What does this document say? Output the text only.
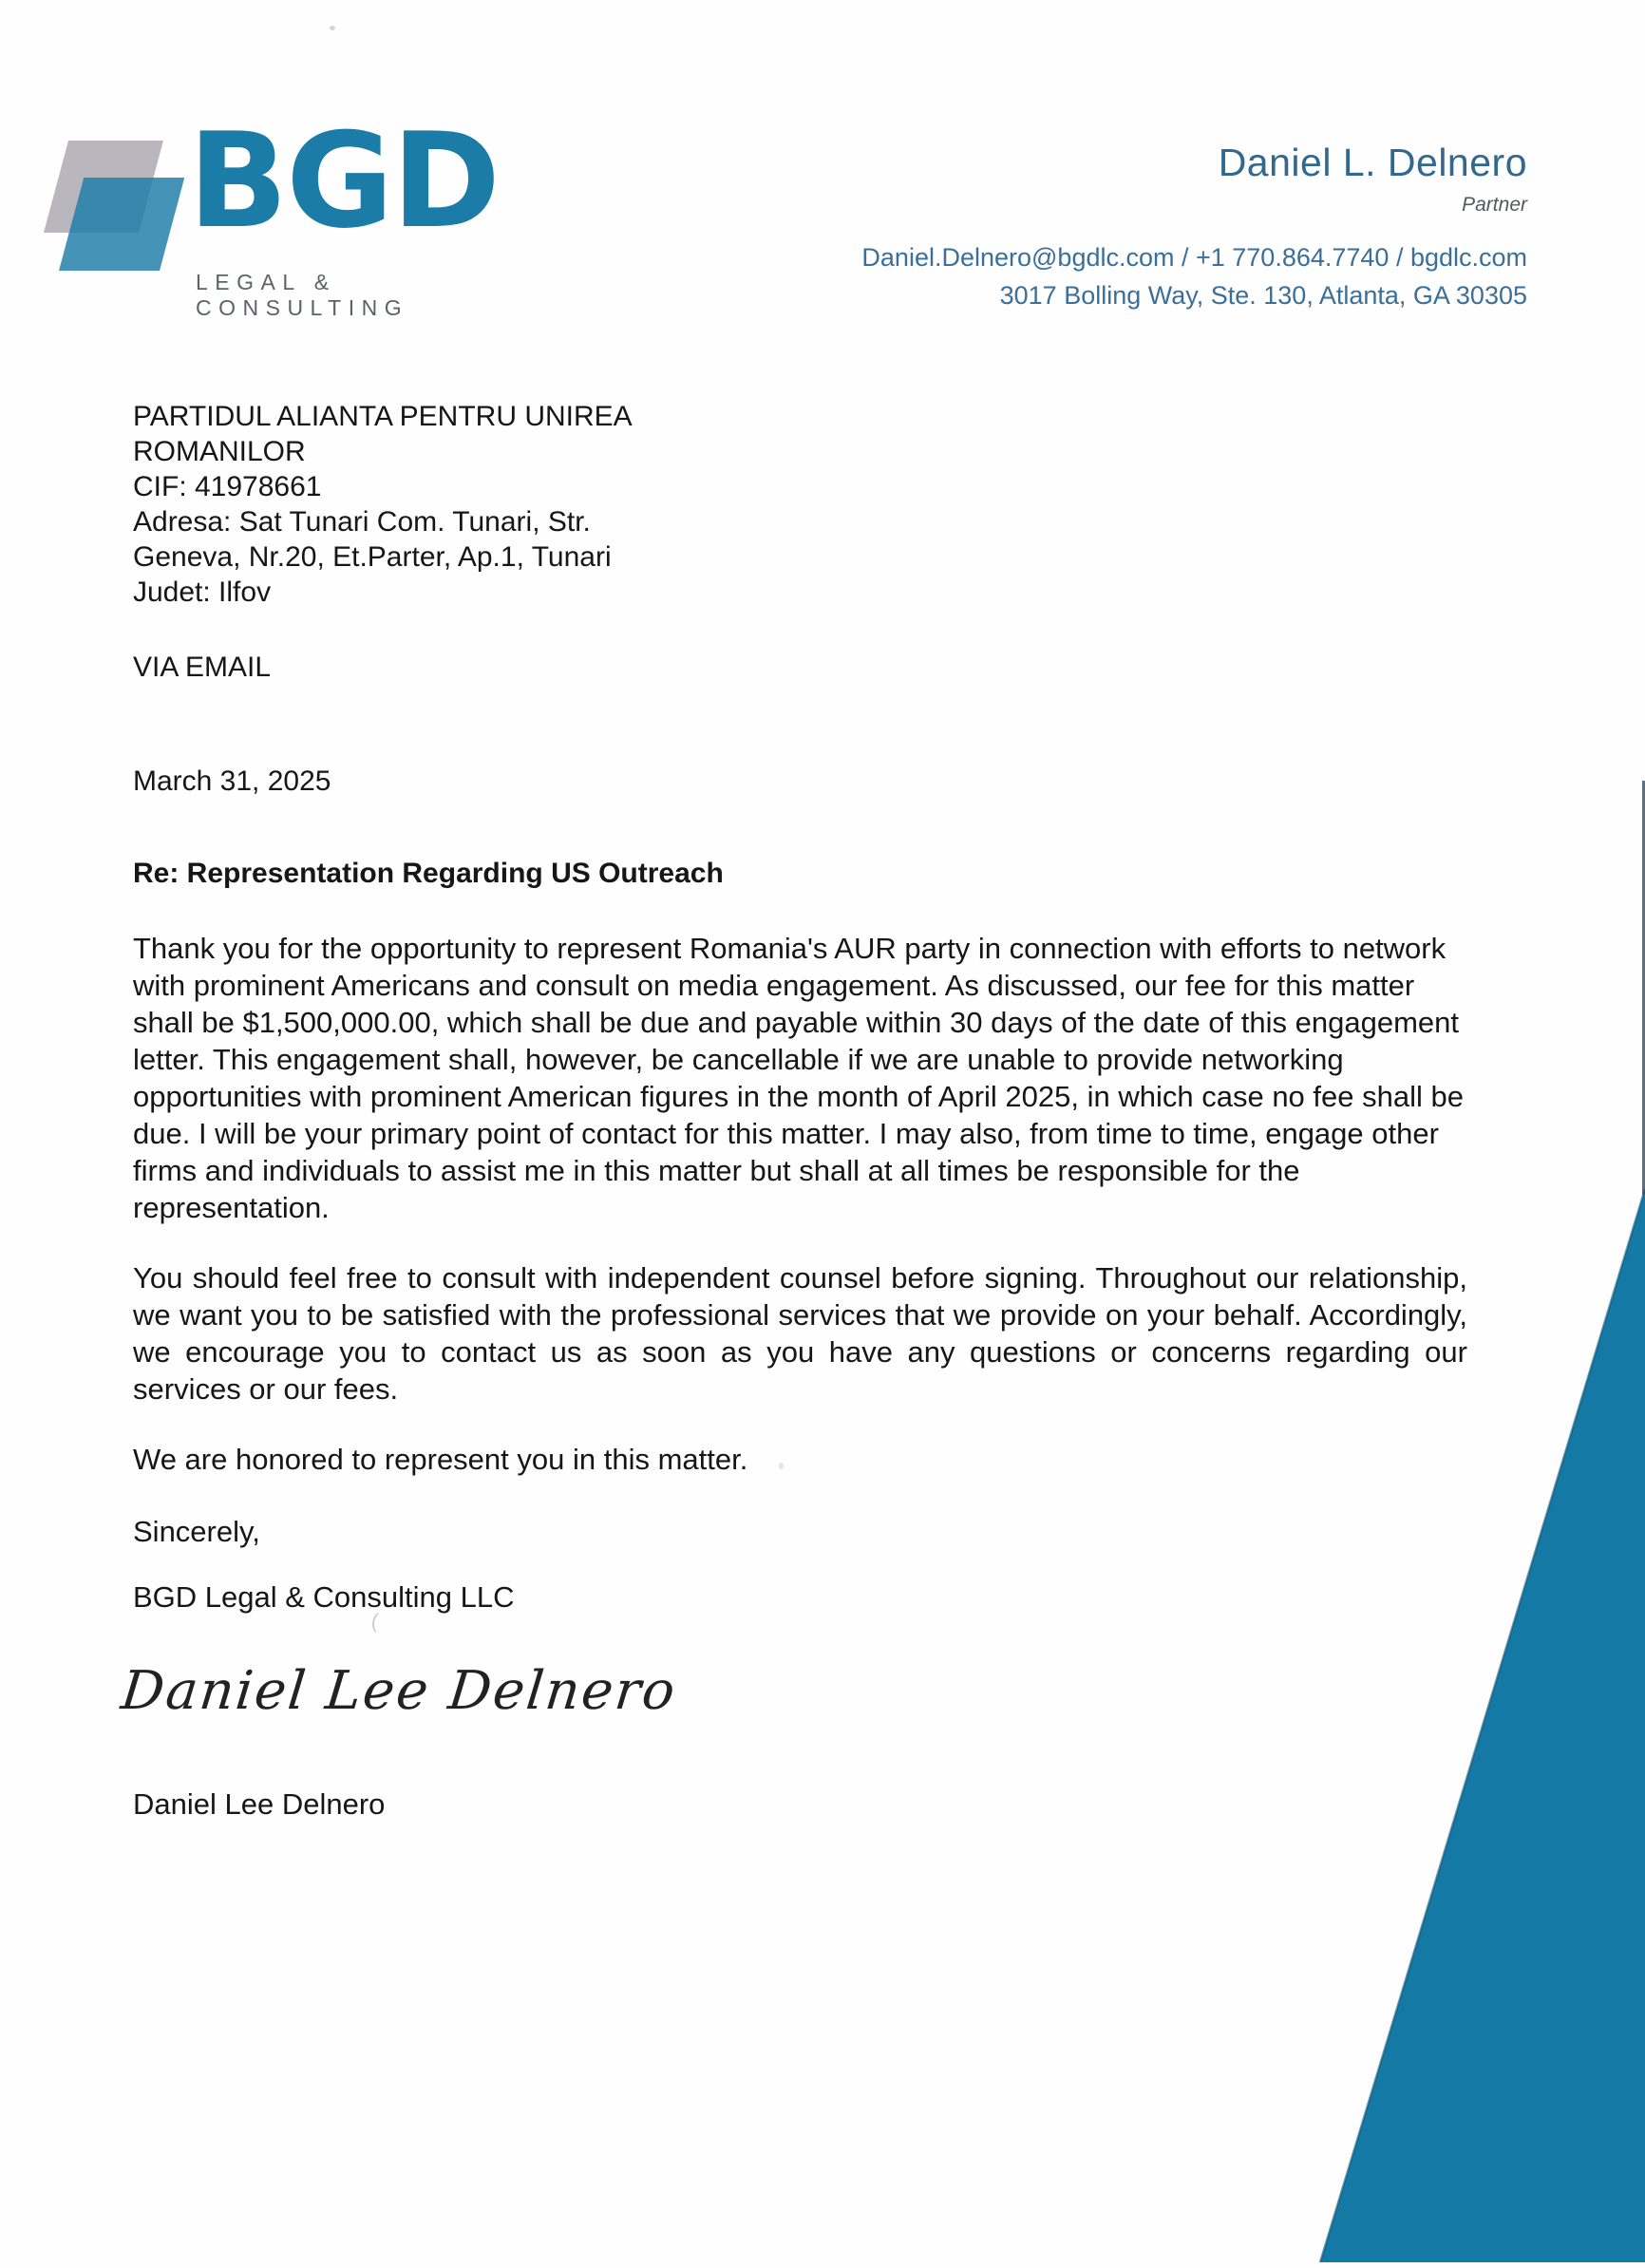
BGD
LEGAL & CONSULTING
Daniel L. Delnero
Partner
Daniel.Delnero@bgdlc.com / +1 770.864.7740 / bgdlc.com
3017 Bolling Way, Ste. 130, Atlanta, GA 30305
PARTIDUL ALIANTA PENTRU UNIREA
ROMANILOR
CIF: 41978661
Adresa: Sat Tunari Com. Tunari, Str.
Geneva, Nr.20, Et.Parter, Ap.1, Tunari
Judet: Ilfov
VIA EMAIL
March 31, 2025
Re: Representation Regarding US Outreach
Thank you for the opportunity to represent Romania's AUR party in connection with efforts to network with prominent Americans and consult on media engagement. As discussed, our fee for this matter shall be $1,500,000.00, which shall be due and payable within 30 days of the date of this engagement letter. This engagement shall, however, be cancellable if we are unable to provide networking opportunities with prominent American figures in the month of April 2025, in which case no fee shall be due. I will be your primary point of contact for this matter. I may also, from time to time, engage other firms and individuals to assist me in this matter but shall at all times be responsible for the representation.
You should feel free to consult with independent counsel before signing. Throughout our relationship, we want you to be satisfied with the professional services that we provide on your behalf. Accordingly, we encourage you to contact us as soon as you have any questions or concerns regarding our services or our fees.
We are honored to represent you in this matter.
Sincerely,
BGD Legal & Consulting LLC
Daniel Lee Delnero
Daniel Lee Delnero
(
